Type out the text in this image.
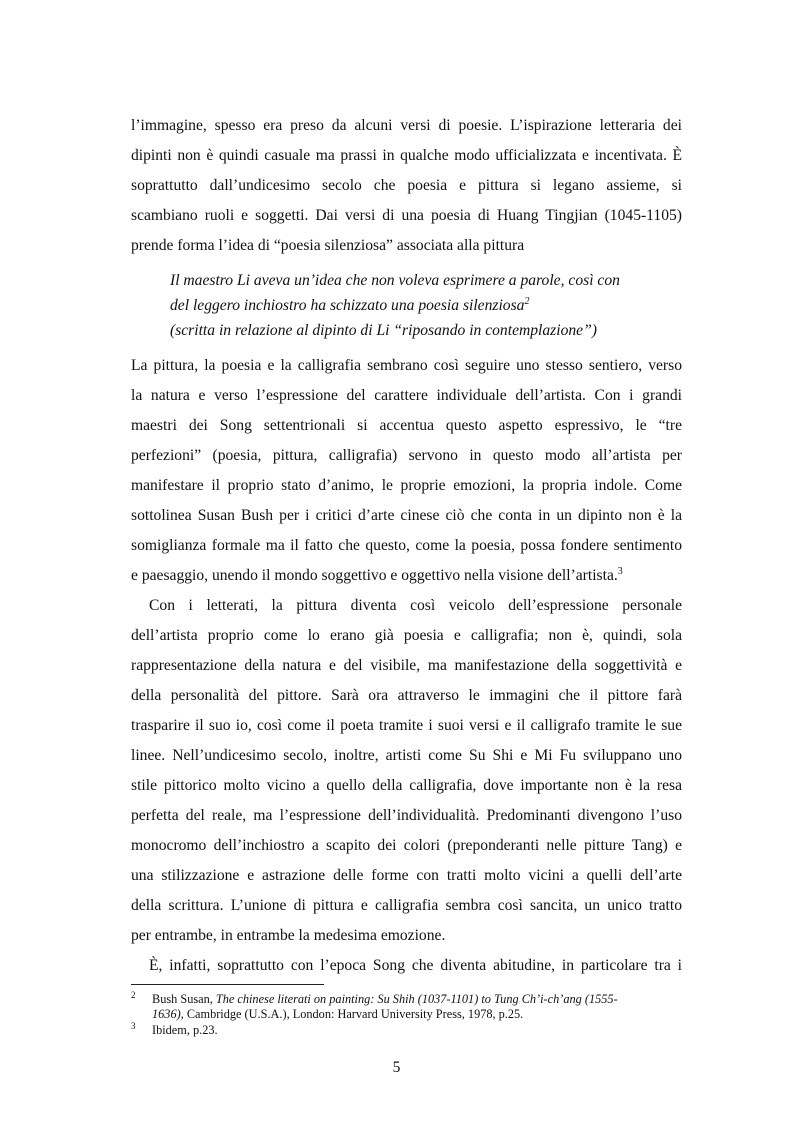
l’immagine, spesso era preso da alcuni versi di poesie. L’ispirazione letteraria dei
dipinti non è quindi casuale ma prassi in qualche modo ufficializzata e incentivata. È
soprattutto dall’undicesimo secolo che poesia e pittura si legano assieme, si
scambiano ruoli e soggetti. Dai versi di una poesia di Huang Tingjian (1045-1105)
prende forma l’idea di “poesia silenziosa” associata alla pittura
Il maestro Li aveva un’idea che non voleva esprimere a parole, così con
del leggero inchiostro ha schizzato una poesia silenziosa$^2$
(scritta in relazione al dipinto di Li “riposando in contemplazione”)
La pittura, la poesia e la calligrafia sembrano così seguire uno stesso sentiero, verso
la natura e verso l’espressione del carattere individuale dell’artista. Con i grandi
maestri dei Song settentrionali si accentua questo aspetto espressivo, le “tre
perfezioni” (poesia, pittura, calligrafia) servono in questo modo all’artista per
manifestare il proprio stato d’animo, le proprie emozioni, la propria indole. Come
sottolinea Susan Bush per i critici d’arte cinese ciò che conta in un dipinto non è la
somiglianza formale ma il fatto che questo, come la poesia, possa fondere sentimento
e paesaggio, unendo il mondo soggettivo e oggettivo nella visione dell’artista.$^3$
Con i letterati, la pittura diventa così veicolo dell’espressione personale
dell’artista proprio come lo erano già poesia e calligrafia; non è, quindi, sola
rappresentazione della natura e del visibile, ma manifestazione della soggettività e
della personalità del pittore. Sarà ora attraverso le immagini che il pittore farà
trasparire il suo io, così come il poeta tramite i suoi versi e il calligrafo tramite le sue
linee. Nell’undicesimo secolo, inoltre, artisti come Su Shi e Mi Fu sviluppano uno
stile pittorico molto vicino a quello della calligrafia, dove importante non è la resa
perfetta del reale, ma l’espressione dell’individualità. Predominanti divengono l’uso
monocromo dell’inchiostro a scapito dei colori (preponderanti nelle pitture Tang) e
una stilizzazione e astrazione delle forme con tratti molto vicini a quelli dell’arte
della scrittura. L’unione di pittura e calligrafia sembra così sancita, un unico tratto
per entrambe, in entrambe la medesima emozione.
È, infatti, soprattutto con l’epoca Song che diventa abitudine, in particolare tra i
2 Bush Susan, The chinese literati on painting: Su Shih (1037-1101) to Tung Ch’i-ch’ang (1555-
1636), Cambridge (U.S.A.), London: Harvard University Press, 1978, p.25.
3 Ibidem, p.23.
5
